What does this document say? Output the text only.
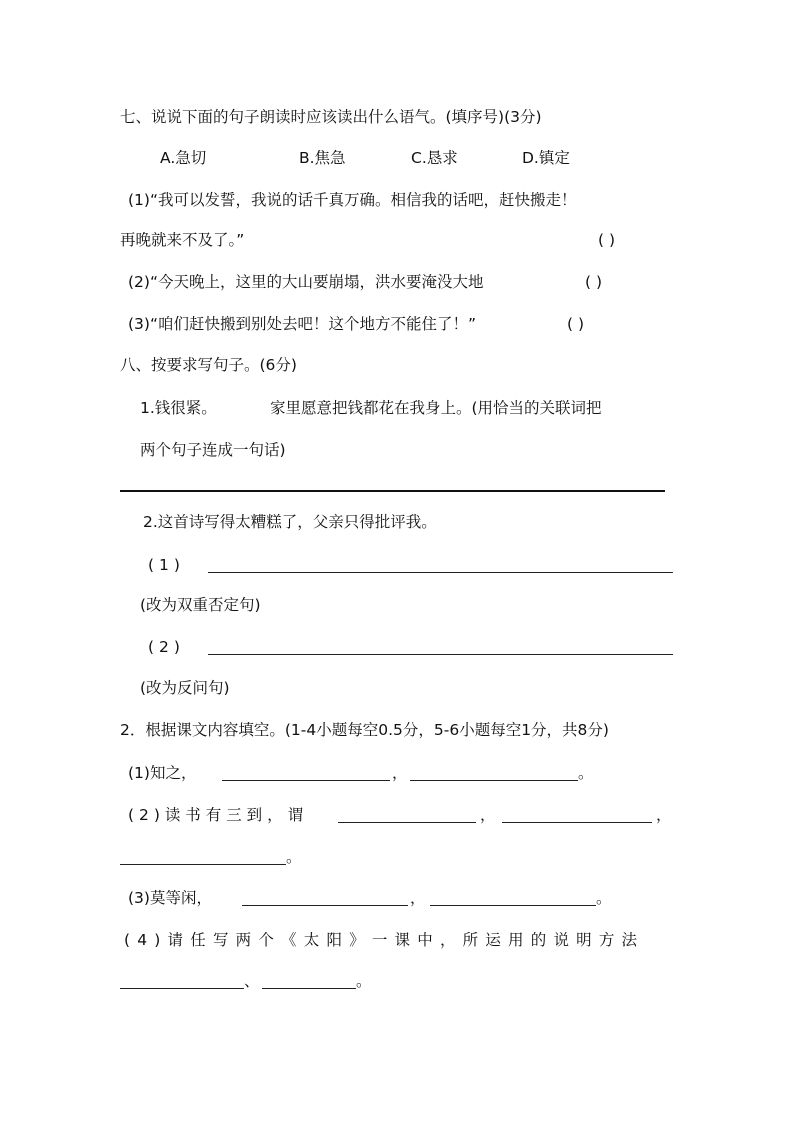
七、说说下面的句子朗读时应该读出什么语气。(填序号)(3分)
A.急切	B.焦急	C.恳求	D.镇定
(1)“我可以发誓，我说的话千真万确。相信我的话吧，赶快搬走！
再晚就来不及了。”	( )
(2)“今天晚上，这里的大山要崩塌，洪水要淹没大地	( )
(3)“咱们赶快搬到别处去吧！这个地方不能住了！”	( )
八、按要求写句子。(6分)
1.钱很紧。	家里愿意把钱都花在我身上。(用恰当的关联词把
两个句子连成一句话)
2.这首诗写得太糟糕了，父亲只得批评我。
(1)
(改为双重否定句)
(2)
(改为反问句)
2．根据课文内容填空。(1-4小题每空0.5分，5-6小题每空1分，共8分)
(1)知之，	，	。
(2)读书有三到，谓	，	，
。
(3)莫等闲，	，	。
(4)请任写两个《太阳》一课中，所运用的说明方法
、	。
